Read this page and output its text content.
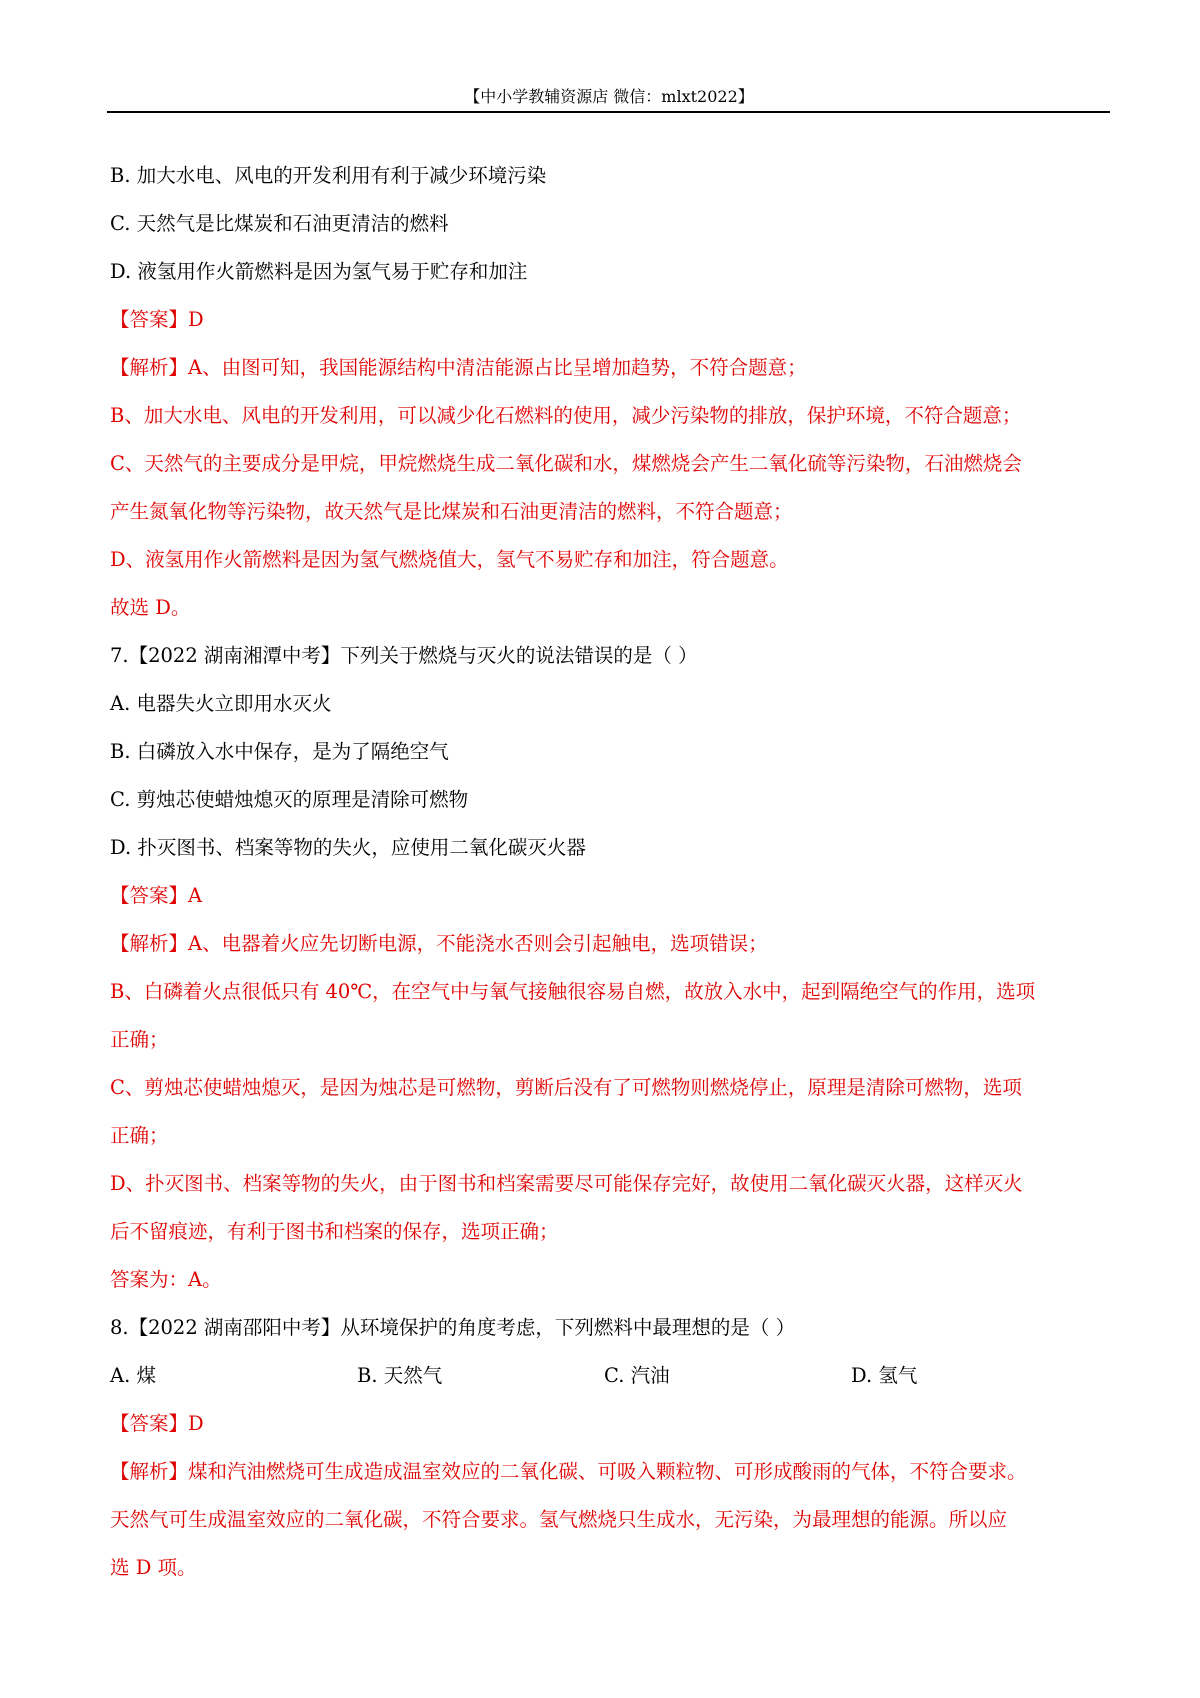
【中小学教辅资源店 微信：mlxt2022】
B. 加大水电、风电的开发利用有利于减少环境污染
C. 天然气是比煤炭和石油更清洁的燃料
D. 液氢用作火箭燃料是因为氢气易于贮存和加注
【答案】D
【解析】A、由图可知，我国能源结构中清洁能源占比呈增加趋势，不符合题意；
B、加大水电、风电的开发利用，可以减少化石燃料的使用，减少污染物的排放，保护环境，不符合题意；
C、天然气的主要成分是甲烷，甲烷燃烧生成二氧化碳和水，煤燃烧会产生二氧化硫等污染物，石油燃烧会
产生氮氧化物等污染物，故天然气是比煤炭和石油更清洁的燃料，不符合题意；
D、液氢用作火箭燃料是因为氢气燃烧值大，氢气不易贮存和加注，符合题意。
故选 D。
7.【2022 湖南湘潭中考】下列关于燃烧与灭火的说法错误的是（ ）
A. 电器失火立即用水灭火
B. 白磷放入水中保存，是为了隔绝空气
C. 剪烛芯使蜡烛熄灭的原理是清除可燃物
D. 扑灭图书、档案等物的失火，应使用二氧化碳灭火器
【答案】A
【解析】A、电器着火应先切断电源，不能浇水否则会引起触电，选项错误；
B、白磷着火点很低只有 40℃，在空气中与氧气接触很容易自燃，故放入水中，起到隔绝空气的作用，选项
正确；
C、剪烛芯使蜡烛熄灭，是因为烛芯是可燃物，剪断后没有了可燃物则燃烧停止，原理是清除可燃物，选项
正确；
D、扑灭图书、档案等物的失火，由于图书和档案需要尽可能保存完好，故使用二氧化碳灭火器，这样灭火
后不留痕迹，有利于图书和档案的保存，选项正确；
答案为：A。
8.【2022 湖南邵阳中考】从环境保护的角度考虑，下列燃料中最理想的是（ ）
A. 煤	B. 天然气	C. 汽油	D. 氢气
【答案】D
【解析】煤和汽油燃烧可生成造成温室效应的二氧化碳、可吸入颗粒物、可形成酸雨的气体，不符合要求。
天然气可生成温室效应的二氧化碳，不符合要求。氢气燃烧只生成水，无污染，为最理想的能源。所以应
选 D 项。
